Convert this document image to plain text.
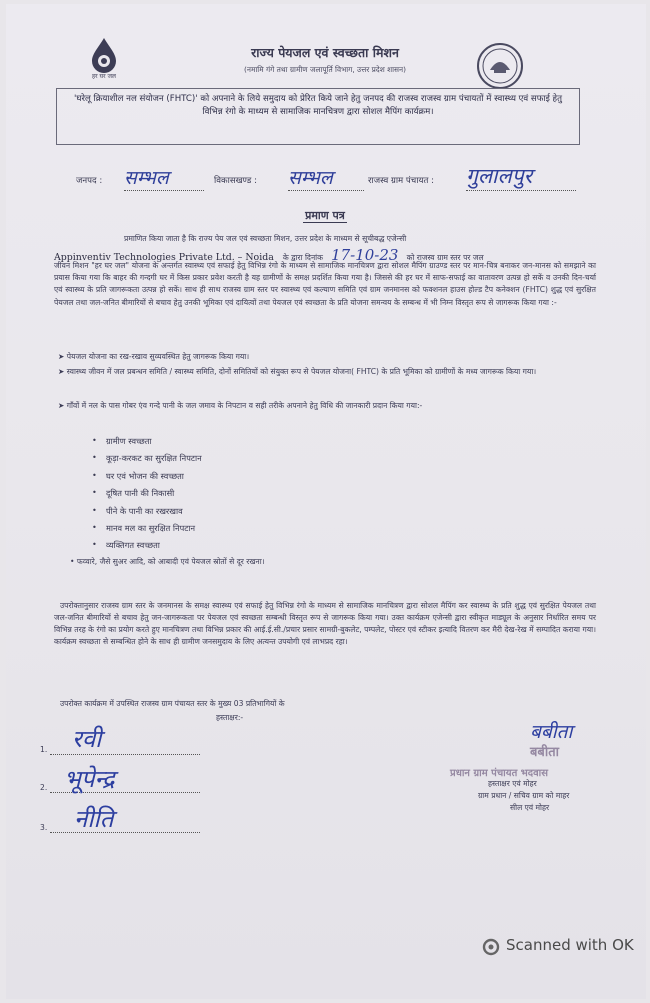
हर घर जल
राज्य पेयजल एवं स्वच्छता मिशन
(नमामि गंगे तथा ग्रामीण जलापूर्ति विभाग, उत्तर प्रदेश शासन)
'घरेलू क्रियाशील नल संयोजन (FHTC)' को अपनाने के लिये समुदाय को प्रेरित किये जाने हेतु जनपद की राजस्व राजस्व ग्राम पंचायतों में स्वास्थ्य एवं सफाई हेतु विभिन्न रंगो के माध्यम से सामाजिक मानचित्रण द्वारा सोशल मैपिंग कार्यक्रम।
जनपद : सम्भल	विकासखण्ड : सम्भल	राजस्व ग्राम पंचायत : गुलालपुर
प्रमाण पत्र
प्रमाणित किया जाता है कि राज्य पेय जल एवं स्वच्छता मिशन, उत्तर प्रदेश के माध्यम से सूचीबद्ध एजेन्सी
Appinventiv Technologies Private Ltd. – Noida के द्वारा दिनांक 17-10-23 को राजस्व ग्राम स्तर पर जल
जीवन मिशन "हर घर जल" योजना के अन्तर्गत स्वास्थ्य एवं सफाई हेतु विभिन्न रंगो के माध्यम से सामाजिक मानचित्रण द्वारा सोशल मैपिंग ग्राउण्ड स्तर पर मान-चित्र बनाकर जन-मानस को समझाने का प्रयास किया गया कि बाहर की गन्दगी घर में किस प्रकार प्रवेश करती है यह ग्रामीणों के समक्ष प्रदर्शित किया गया है। जिससे की हर घर में साफ-सफाई का वातावरण उत्पन्न हो सकें व उनकी दिन-चर्या एवं स्वास्थ्य के प्रति जागरूकता उत्पन्न हो सकें। साथ ही साथ राजस्व ग्राम स्तर पर स्वास्थ्य एवं कल्याण समिति एवं ग्राम जनमानस को फक्शनल हाउस होल्ड टैप कनेक्शन (FHTC) शुद्ध एवं सुरक्षित पेयजल तथा जल-जनित बीमारियों से बचाव हेतु उनकी भूमिका एवं दायित्वों तथा पेयजल एवं स्वच्छता के प्रति योजना समन्वय के सम्बन्ध में भी निम्न विस्तृत रूप से जागरूक किया गया :-
➤ पेयजल योजना का रख-रखाव सुव्यवस्थित हेतु जागरूक किया गया।
➤ स्वास्थ्य जीवन में जल प्रबन्धन समिति / स्वास्थ्य समिति, दोनों समितियों को संयुक्त रूप से पेयजल योजना( FHTC) के प्रति भूमिका को ग्रामीणों के मध्य जागरूक किया गया।
➤ गाँवों में नल के पास गोबर एंव गन्दे पानी के जल जमाव के निपटान व सही तरीके अपनाने हेतु विधि की जानकारी प्रदान किया गया:-
• ग्रामीण स्वच्छता
• कूड़ा-करकट का सुरक्षित निपटान
• घर एवं भोजन की स्वच्छता
• दूषित पानी की निकासी
• पीने के पानी का रखरखाव
• मानव मल का सुरक्षित निपटान
• व्यक्तिगत स्वच्छता
• फव्वारे, जैसे सुअर आदि, को आबादी एवं पेयजल स्रोतों से दूर रखना।
उपरोक्तानुसार राजस्व ग्राम स्तर के जनमानस के समक्ष स्वास्थ्य एवं सफाई हेतु विभिन्न रंगो के माध्यम से सामाजिक मानचित्रण द्वारा सोशल मैपिंग कर स्वास्थ्य के प्रति शुद्ध एवं सुरक्षित पेयजल तथा जल-जनित बीमारियों से बचाव हेतु जन-जागरूकता पर पेयजल एवं स्वच्छता सम्बन्धी विस्तृत रूप से जागरूक किया गया। उक्त कार्यक्रम एजेन्सी द्वारा स्वीकृत माड्यूल के अनुसार निर्धारित समय पर विभिन्न तरह के रंगो का प्रयोग करते हुए मानचित्रण तथा विभिन्न प्रकार की आई.ई.सी./प्रचार प्रसार सामग्री-बुकलेट, पम्पलेट, पोस्टर एवं स्टीकर इत्यादि वितरण कर मैरी देख-रेख में सम्पादित कराया गया। कार्यक्रम स्वच्छता से सम्बन्धित होने के साथ ही ग्रामीण जनसमुदाय के लिए अत्यन्त उपयोगी एवं लाभप्रद रहा।
उपरोक्त कार्यक्रम में उपस्थित राजस्व ग्राम पंचायत स्तर के मुख्य 03 प्रतिभागियों के
हस्ताक्षर:-
1. रवी
2. भूपेन्द्र
3. नीति
बबीता
बबीता
प्रधान ग्राम पंचायत भदवास
हस्ताक्षर एवं मोहर
ग्राम प्रधान / सचिव ग्राम को माहर
सील एवं मोहर
Scanned with OK
